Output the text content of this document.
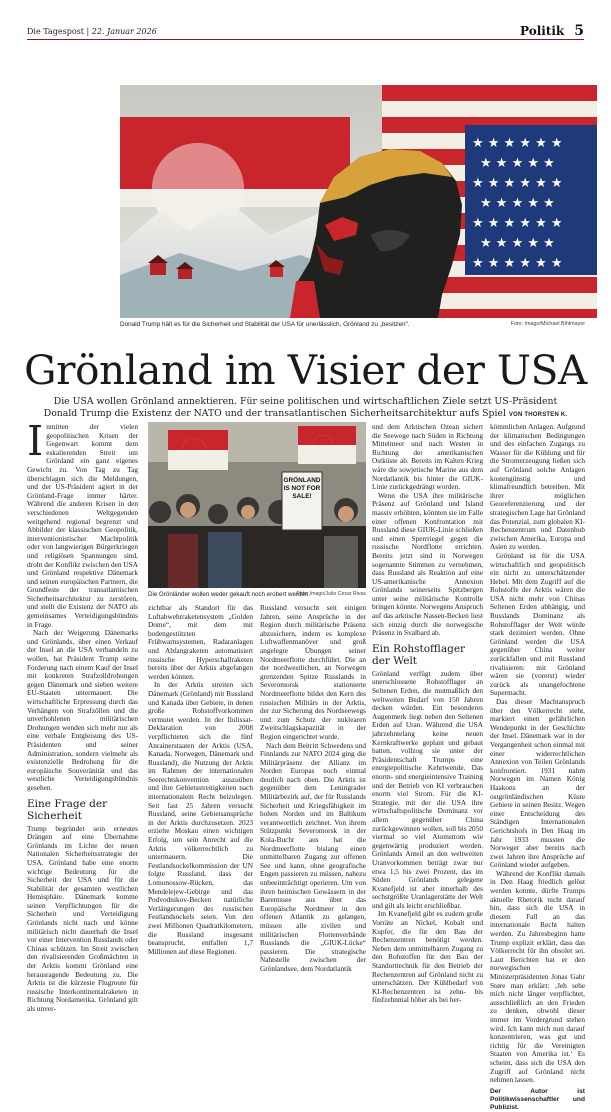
Die Tagespost | 22. Januar 2026	Politik 5
★ ★ ★ ★ ★ ★
★ ★ ★ ★ ★
★ ★ ★ ★ ★ ★
★ ★ ★ ★ ★
★ ★ ★ ★ ★ ★
★ ★ ★ ★ ★
★ ★ ★ ★ ★ ★
Donald Trump hält es für die Sicherheit und Stabilität der USA für unerlässlich, Grönland zu „besitzen“.	Foto: Imago/Michael Bihlmayer
Grönland im Visier der USA
Die USA wollen Grönland annektieren. Für seine politischen und wirtschaftlichen Ziele setzt US-Präsident Donald Trump die Existenz der NATO und der transatlantischen Sicherheitsarchitektur aufs Spiel VON THORSTEN K.

Inmitten der vielen geopolitischen Krisen der Gegenwart kommt dem eskalierenden Streit um Grönland ein ganz eigenes Gewicht zu. Von Tag zu Tag überschlagen sich die Meldungen, und der US-Präsident agiert in der Grönland-Frage immer härter. Während die anderen Krisen in den verschiedenen Weltgegenden weitgehend regional begrenzt und Abbilder der klassischen Geopolitik, interventionistischer Machtpolitik oder von langwierigen Bürgerkriegen und religiösen Spannungen sind, droht der Konflikt zwischen den USA und Grönland respektive Dänemark und seinen europäischen Partnern, die Grundfeste der transatlantischen Sicherheitsarchitektur zu zerstören, und stellt die Existenz der NATO als gemeinsames Verteidigungsbündnis in Frage.

Nach der Weigerung Dänemarks und Grönlands, über einen Verkauf der Insel an die USA verhandeln zu wollen, hat Präsident Trump seine Forderung nach einem Kauf der Insel mit konkreten Strafzolldrohungen gegen Dänemark und sieben weitere EU-Staaten untermauert. Die wirtschaftliche Erpressung durch das Verhängen von Strafzöllen und die unverhohlenen militärischen Drohungen wenden sich mehr nur als eine verbale Entgleisung des US-Präsidenten und seiner Administration, sondern vielmehr als existenzielle Bedrohung für die europäische Souveränität und das westliche Verteidigungsbündnis gesehen.

Eine Frage der Sicherheit

Trump begründet sein erneutes Drängen auf eine Übernahme Grönlands im Lichte der neuen Nationalen Sicherheitsstrategie der USA. Grönland habe eine enorm wichtige Bedeutung für die Sicherheit der USA und für die Stabilität der gesamten westlichen Hemisphäre. Dänemark komme seinen Verpflichtungen für die Sicherheit und Verteidigung Grönlands nicht nach und könne militärisch nicht dauerhaft die Insel vor einer Intervention Russlands oder Chinas schützen. Im Streit zwischen den rivalisierenden Großmächten in der Arktis kommt Grönland eine herausragende Bedeutung zu. Die Arktis ist die kürzeste Flugroute für russische Interkontinentalraketen in Richtung Nordamerika. Grönland gilt als unver-

GRÖNLAND IS NOT FOR SALE!
Die Grönländer wollen weder gekauft noch erobert werden.
Foto: Imago/Julio Cesar Rivas

zichtbar als Standort für das Luftabwehrraketensystem „Golden Dome“, mit dem mit bodengestützten Frühwarnsystemen, Radaranlagen und Abfangraketen automatisiert russische Hyperschallraketen bereits über der Arktis abgefangen werden können.

In der Arktis streiten sich Dänemark (Grönland) mit Russland und Kanada über Gebiete, in denen große Rohstoffvorkommen vermutet werden. In der Ilulissat-Deklaration von 2008 verpflichteten sich die fünf Anrainerstaaten der Arktis (USA, Kanada, Norwegen, Dänemark und Russland), die Nutzung der Arktis im Rahmen der internationalen Seerechtskonvention auszuüben und ihre Gebietsstreitigkeiten nach internationalem Recht beizulegen. Seit fast 25 Jahren versucht Russland, seine Gebietsansprüche in der Arktis durchzusetzen. 2023 erzielte Moskau einen wichtigen Erfolg, um sein Anrecht auf die Arktis völkerrechtlich zu untermauern. Die Festlandsockelkommission der UN folgte Russland, dass der Lomonossow-Rücken, das Mendelejew-Gebirge und das Podvodnikov-Becken natürliche Verlängerungen des russischen Festlandsockels seien. Von den zwei Millionen Quadratkilometern, die Russland insgesamt beansprucht, entfallen 1,7 Millionen auf diese Regionen.

Russland versucht seit einigen Jahren, seine Ansprüche in der Region durch militärische Präsenz abzusichern, indem es komplexe Luftwaffenmanöver und groß angelegte Übungen seiner Nordmeerflotte durchführt. Die an der nordwestlichen, an Norwegen grenzenden Spitze Russlands in Severomorsk stationierte Nordmeerflotte bildet den Kern des russischen Militärs in der Arktis, der zur Sicherung des Nordseewegs und zum Schutz der nuklearen Zweitschlagskapazität in der Region eingerichtet wurde.

Nach dem Beitritt Schwedens und Finnlands zur NATO 2024 ging die Militärpräsenz der Allianz im Norden Europas noch einmal deutlich nach oben. Die Arktis ist gegenüber dem Leningrader Militärbezirk auf, der für Russlands Sicherheit und Kriegsfähigkeit im hohen Norden und im Baltikum verantwortlich zeichnet. Von ihrem Stützpunkt Severomorsk in der Kola-Bucht aus hat die Nordmeerflotte bislang einen unmittelbaren Zugang zur offenen See und kann, ohne geografische Engen passieren zu müssen, nahezu unbeeinträchtigt operieren. Um von ihren heimischen Gewässern in der Barentssee aus über das Europäische Nordmeer in den offenen Atlantik zu gelangen, müssen alle zivilen und militärischen Flottenverbände Russlands die „GIUK-Lücke“ passieren. Die strategische Nahtstelle zwischen der Grönlandsee, dem Nordatlantik

und dem Arktischen Ozean sichert die Seewege nach Süden in Richtung Mittelmeer und nach Westen in Richtung der amerikanischen Ostküste ab. Bereits im Kalten Krieg wäre die sowjetische Marine aus dem Nordatlantik bis hinter die GIUK-Linie zurückgedrängt worden.

Wenn die USA ihre militärische Präsenz auf Grönland und Island massiv erhöhten, könnten sie im Falle einer offenen Konfrontation mit Russland diese GIUK-Linie schließen und einen Sperrriegel gegen die russische Nordflotte errichten. Bereits jetzt sind in Norwegen sogenannte Stimmen zu vernehmen, dass Russland als Reaktion auf eine US-amerikanische Annexion Grönlands seinerseits Spitzbergen unter seine militärische Kontrolle bringen könnte. Norwegens Anspruch auf das arktische Nassen-Becken liest sich einzig durch die norwegische Präsenz in Svalbard ab.

Ein Rohstofflager der Welt

Grönland verfügt zudem über unerschlossene Rohstofflager an Seltenen Erden, die mutmaßlich den weltweiten Bedarf von 150 Jahren decken würden. Ein besonderes Augenmerk liegt neben den Seltenen Erden auf Uran. Während die USA jahrzehntelang keine neuen Kernkraftwerke geplant und gebaut hatten, vollzog sie unter der Präsidentschaft Trumps eine energiepolitische Kehrtwende. Das enorm- und energieintensive Training und der Betrieb von KI verbrauchen enorm viel Strom. Für die KI-Strategie, mit der die USA ihre wirtschaftspolitische Dominanz vor allem gegenüber China zurückgewinnen wollen, soll bis 2050 viermal so viel Atomstrom wie gegenwärtig produziert werden. Grönlands Anteil an den weltweiten Uranvorkommen beträgt zwar nur etwa 1,5 bis zwei Prozent, das im Süden Grönlands gelegene Kvanefjeld ist aber innerhalb des sechstgrößte Uranlagerstätte der Welt und gilt als leicht erschließbar.

Im Kvanefjeld gibt es zudem große Vorräte an Nickel, Kobalt und Kupfer, die für den Bau der Rechenzentren benötigt werden. Neben dem unmittelbaren Zugang zu den Rohstoffen für den Bau der Standorttechnik für den Betrieb der Rechenzentren auf Grönland nicht zu unterschätzen. Der Kühlbedarf von KI-Rechenzentren ist zehn- bis fünfzehnmal höher als bei her-

kömmlichen Anlagen. Aufgrund der klimatischen Bedingungen und des einfachen Zugangs zu Wasser für die Kühlung und für die Stromerzeugung ließen sich auf Grönland solche Anlagen kostengünstig und klimafreundlich betreiben. Mit ihrer möglichen Georeferenzierung und der strategischen Lage hat Grönland das Potenzial, zum globalen KI-Rechenzentrum und Datenhub zwischen Amerika, Europa und Asien zu werden.

Grönland ist für die USA wirtschaftlich und geopolitisch ein nicht zu unterschätzender Hebel. Mit dem Zugriff auf die Rohstoffe der Arktis wären die USA nicht mehr von Chinas Seltenen Erden abhängig, und Russlands Dominanz als Rohstofflager der Welt würde stark dezimiert werden. Ohne Grönland werden die USA gegenüber China weiter zurückfallen und mit Russland rivalisieren: mit Grönland wären sie (vorerst) wieder zurück als unangefochtene Supermacht.

Das dieser Machtanspruch über den Völkerrecht steht, markiert einen gefährlichen Wendepunkt in der Geschichte der Insel. Dänemark war in der Vergangenheit schon einmal mit einer widerrechtlichen Annexion von Teilen Grönlands konfrontiert. 1931 nahm Norwegen im Namen König Haakons an der ostgrönländischen Küste Gebiete in seinen Besitz. Wegen einer Entscheidung des Ständigen Internationalen Gerichtshofs in Den Haag im Jahr 1933 mussten die Norweger aber bereits nach zwei Jahren ihre Ansprüche auf Grönland wieder aufgeben.

Während der Konflikt damals in Den Haag friedlich gelöst werden konnte, dürfte Trumps aktuelle Rhetorik nicht darauf hin, dass sich die USA in diesem Fall an das internationale Recht halten werden. Zu Jahresbeginn hatte Trump explizit erklärt, dass das Völkerrecht für ihn obsolet sei. Laut Berichten hat er den norwegischen Ministerpräsidenten Jonas Gahr Støre man erklärt: ‚Jeh sehe mich nicht länger verpflichtet, ausschließlich an den Frieden zu denken, obwohl dieser immer im Vordergrund stehen wird. Ich kann mich nun darauf konzentrieren, was gut und richtig für die Vereinigten Staaten von Amerika ist.‘ Es scheint, dass sich die USA den Zugriff auf Grönland nicht nehmen lassen.

Der Autor ist Politikwissenschaftler und Publizist.
